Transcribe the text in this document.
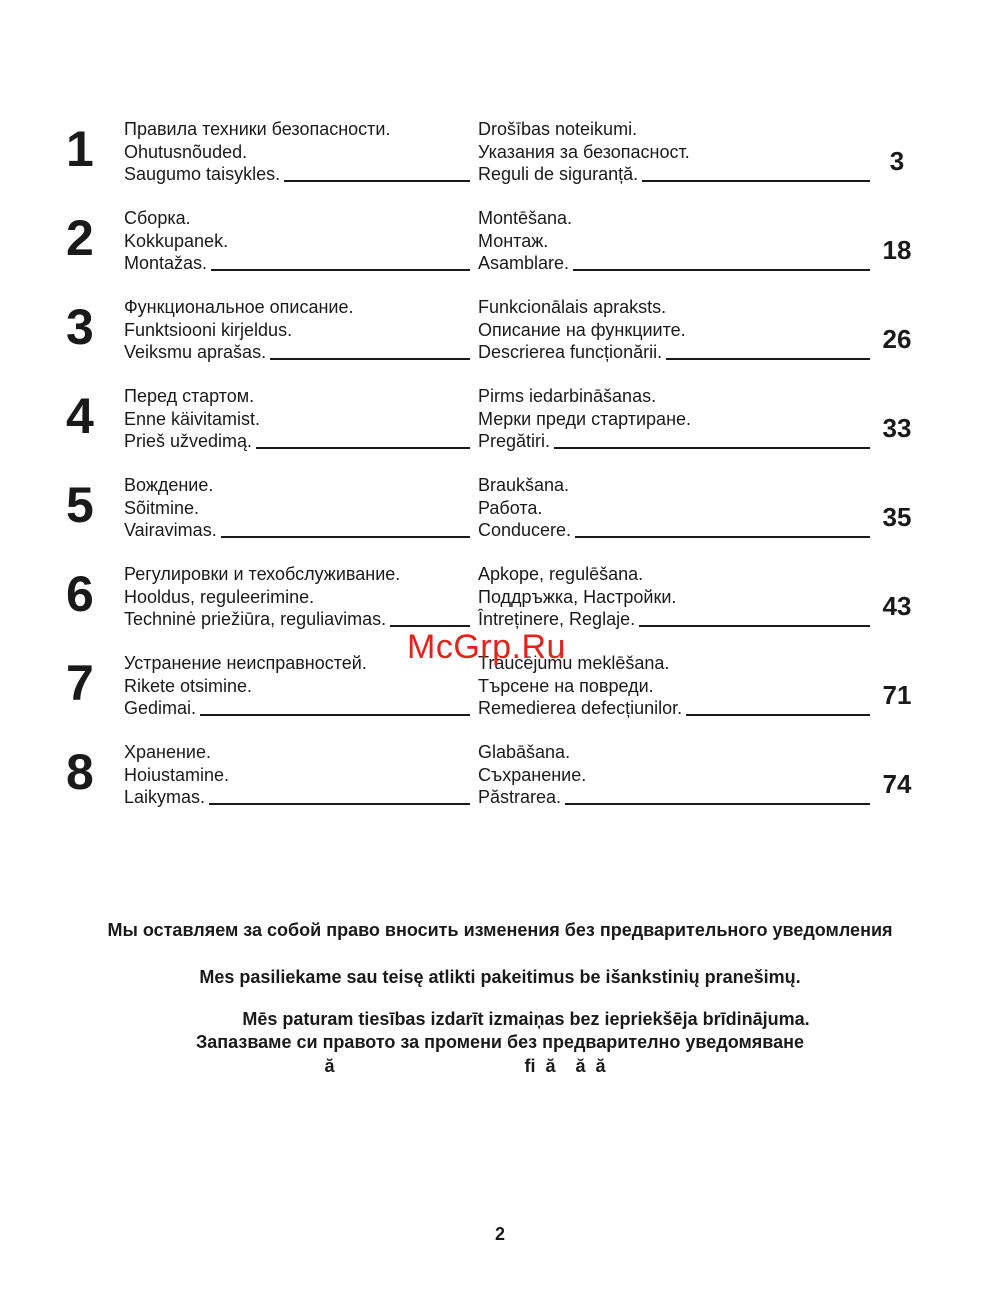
1	Правила техники безопасности.
Ohutusnõuded.
Saugumo taisykles.
Drošības noteikumi.
Указания за безопасност.
Reguli de siguranță.	3
2	Сборка.
Kokkupanek.
Montažas.
Montēšana.
Монтаж.
Asamblare.	18
3	Функциональное описание.
Funktsiooni kirjeldus.
Veiksmu aprašas.
Funkcionālais apraksts.
Описание на функциите.
Descrierea funcționării.	26
4	Перед стартом.
Enne käivitamist.
Prieš užvedimą.
Pirms iedarbināšanas.
Мерки преди стартиране.
Pregătiri.	33
5	Вождение.
Sõitmine.
Vairavimas.
Braukšana.
Работа.
Conducere.	35
6	Регулировки и техобслуживание.
Hooldus, reguleerimine.
Techninė priežiūra, reguliavimas.
Apkope, regulēšana.
Поддръжка, Настройки.
Întreținere, Reglaje.	43
7	Устранение неисправностей.
Rikete otsimine.
Gedimai.
Traucējumu meklēšana.
Търсене на повреди.
Remedierea defecțiunilor.	71
8	Хранение.
Hoiustamine.
Laikymas.
Glabāšana.
Съхранение.
Păstrarea.	74
Мы оставляем за собой право вносить изменения без предварительного уведомления
Mes pasiliekame sau teisę atlikti pakeitimus be išankstinių pranešimų.
Mēs paturam tiesības izdarīt izmaiņas bez iepriekšēja brīdinājuma.
Запазваме си правото за промени без предварително уведомяване
ă                                      fi  ă    ă  ă
McGrp.Ru
2
